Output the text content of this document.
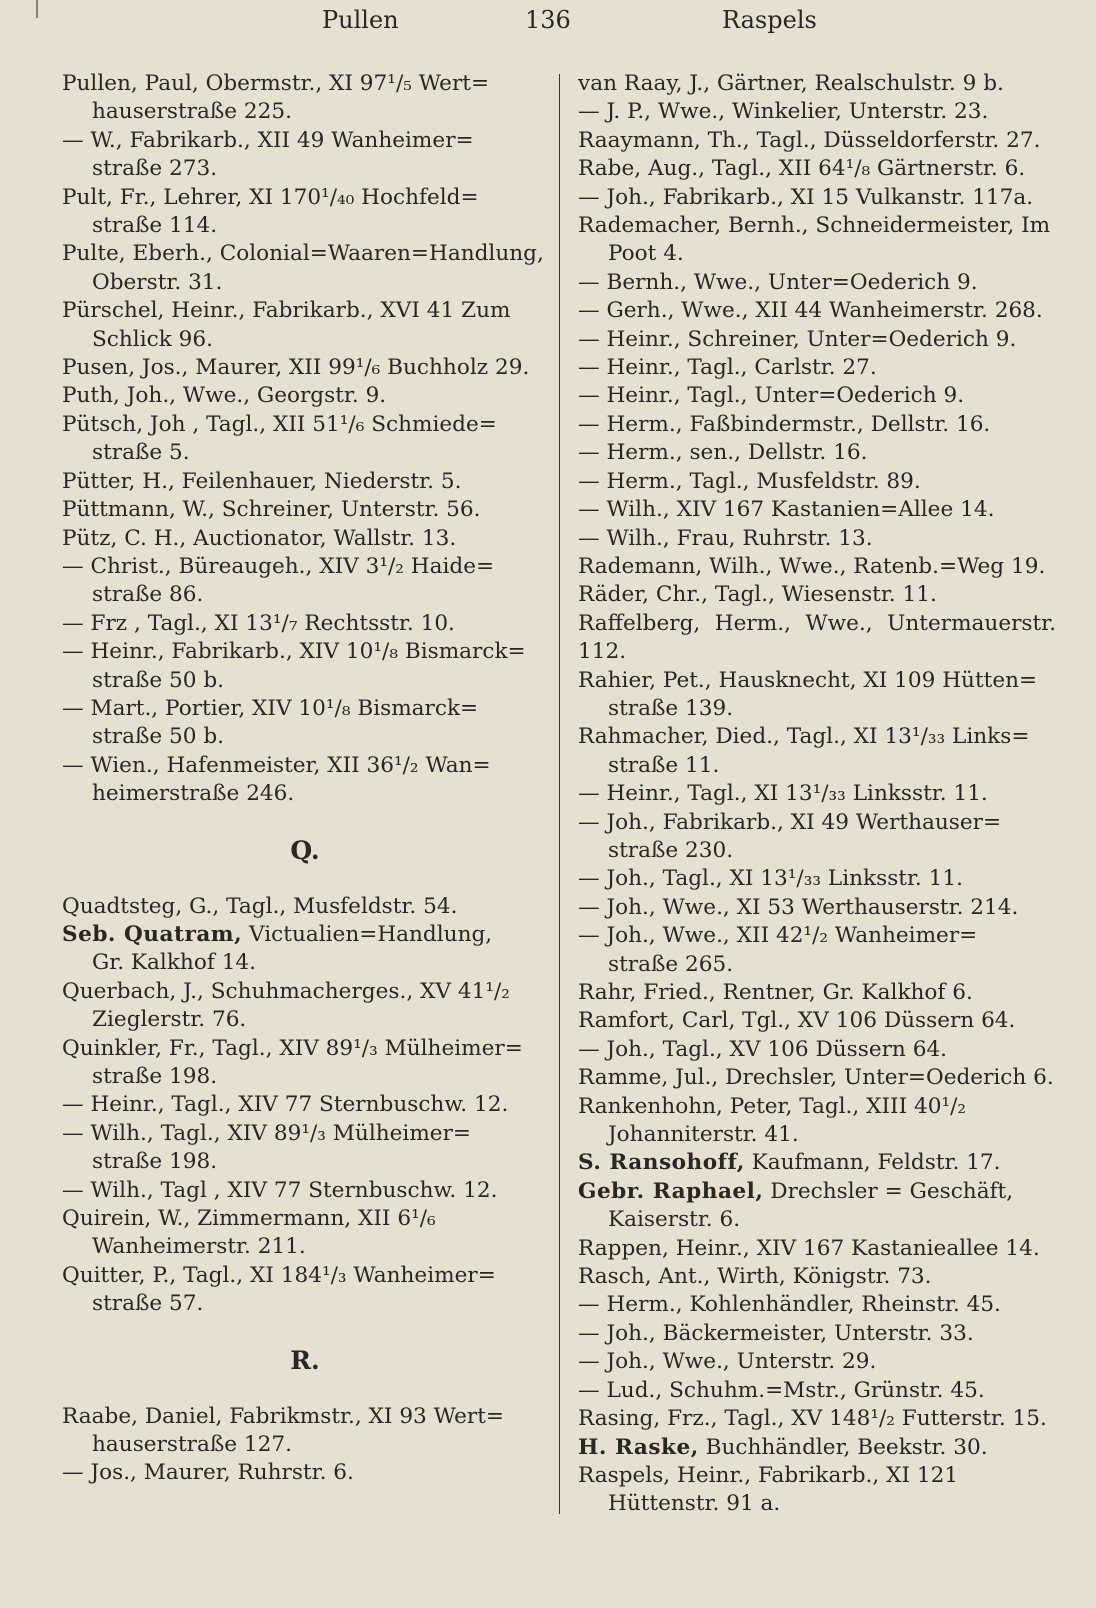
Pullen	136	Raspels
Pullen, Paul, Obermstr., XI 97¹/₅ Wert=
hauserstraße 225.
— W., Fabrikarb., XII 49 Wanheimer=
straße 273.
Pult, Fr., Lehrer, XI 170¹/₄₀ Hochfeld=
straße 114.
Pulte, Eberh., Colonial=Waaren=Handlung,
Oberstr. 31.
Pürschel, Heinr., Fabrikarb., XVI 41 Zum
Schlick 96.
Pusen, Jos., Maurer, XII 99¹/₆ Buchholz 29.
Puth, Joh., Wwe., Georgstr. 9.
Pütsch, Joh , Tagl., XII 51¹/₆ Schmiede=
straße 5.
Pütter, H., Feilenhauer, Niederstr. 5.
Püttmann, W., Schreiner, Unterstr. 56.
Pütz, C. H., Auctionator, Wallstr. 13.
— Christ., Büreaugeh., XIV 3¹/₂ Haide=
straße 86.
— Frz , Tagl., XI 13¹/₇ Rechtsstr. 10.
— Heinr., Fabrikarb., XIV 10¹/₈ Bismarck=
straße 50 b.
— Mart., Portier, XIV 10¹/₈ Bismarck=
straße 50 b.
— Wien., Hafenmeister, XII 36¹/₂ Wan=
heimerstraße 246.
Q.
Quadtsteg, G., Tagl., Musfeldstr. 54.
Seb. Quatram, Victualien=Handlung,
Gr. Kalkhof 14.
Querbach, J., Schuhmacherges., XV 41¹/₂
Zieglerstr. 76.
Quinkler, Fr., Tagl., XIV 89¹/₃ Mülheimer=
straße 198.
— Heinr., Tagl., XIV 77 Sternbuschw. 12.
— Wilh., Tagl., XIV 89¹/₃ Mülheimer=
straße 198.
— Wilh., Tagl , XIV 77 Sternbuschw. 12.
Quirein, W., Zimmermann, XII 6¹/₆
Wanheimerstr. 211.
Quitter, P., Tagl., XI 184¹/₃ Wanheimer=
straße 57.
R.
Raabe, Daniel, Fabrikmstr., XI 93 Wert=
hauserstraße 127.
— Jos., Maurer, Ruhrstr. 6.
van Raay, J., Gärtner, Realschulstr. 9 b.
— J. P., Wwe., Winkelier, Unterstr. 23.
Raaymann, Th., Tagl., Düsseldorferstr. 27.
Rabe, Aug., Tagl., XII 64¹/₈ Gärtnerstr. 6.
— Joh., Fabrikarb., XI 15 Vulkanstr. 117a.
Rademacher, Bernh., Schneidermeister, Im
Poot 4.
— Bernh., Wwe., Unter=Oederich 9.
— Gerh., Wwe., XII 44 Wanheimerstr. 268.
— Heinr., Schreiner, Unter=Oederich 9.
— Heinr., Tagl., Carlstr. 27.
— Heinr., Tagl., Unter=Oederich 9.
— Herm., Faßbindermstr., Dellstr. 16.
— Herm., sen., Dellstr. 16.
— Herm., Tagl., Musfeldstr. 89.
— Wilh., XIV 167 Kastanien=Allee 14.
— Wilh., Frau, Ruhrstr. 13.
Rademann, Wilh., Wwe., Ratenb.=Weg 19.
Räder, Chr., Tagl., Wiesenstr. 11.
Raffelberg, Herm., Wwe., Untermauerstr. 112.
Rahier, Pet., Hausknecht, XI 109 Hütten=
straße 139.
Rahmacher, Died., Tagl., XI 13¹/₃₃ Links=
straße 11.
— Heinr., Tagl., XI 13¹/₃₃ Linksstr. 11.
— Joh., Fabrikarb., XI 49 Werthauser=
straße 230.
— Joh., Tagl., XI 13¹/₃₃ Linksstr. 11.
— Joh., Wwe., XI 53 Werthauserstr. 214.
— Joh., Wwe., XII 42¹/₂ Wanheimer=
straße 265.
Rahr, Fried., Rentner, Gr. Kalkhof 6.
Ramfort, Carl, Tgl., XV 106 Düssern 64.
— Joh., Tagl., XV 106 Düssern 64.
Ramme, Jul., Drechsler, Unter=Oederich 6.
Rankenhohn, Peter, Tagl., XIII 40¹/₂
Johanniterstr. 41.
S. Ransohoff, Kaufmann, Feldstr. 17.
Gebr. Raphael, Drechsler = Geschäft,
Kaiserstr. 6.
Rappen, Heinr., XIV 167 Kastanieallee 14.
Rasch, Ant., Wirth, Königstr. 73.
— Herm., Kohlenhändler, Rheinstr. 45.
— Joh., Bäckermeister, Unterstr. 33.
— Joh., Wwe., Unterstr. 29.
— Lud., Schuhm.=Mstr., Grünstr. 45.
Rasing, Frz., Tagl., XV 148¹/₂ Futterstr. 15.
H. Raske, Buchhändler, Beekstr. 30.
Raspels, Heinr., Fabrikarb., XI 121
Hüttenstr. 91 a.
